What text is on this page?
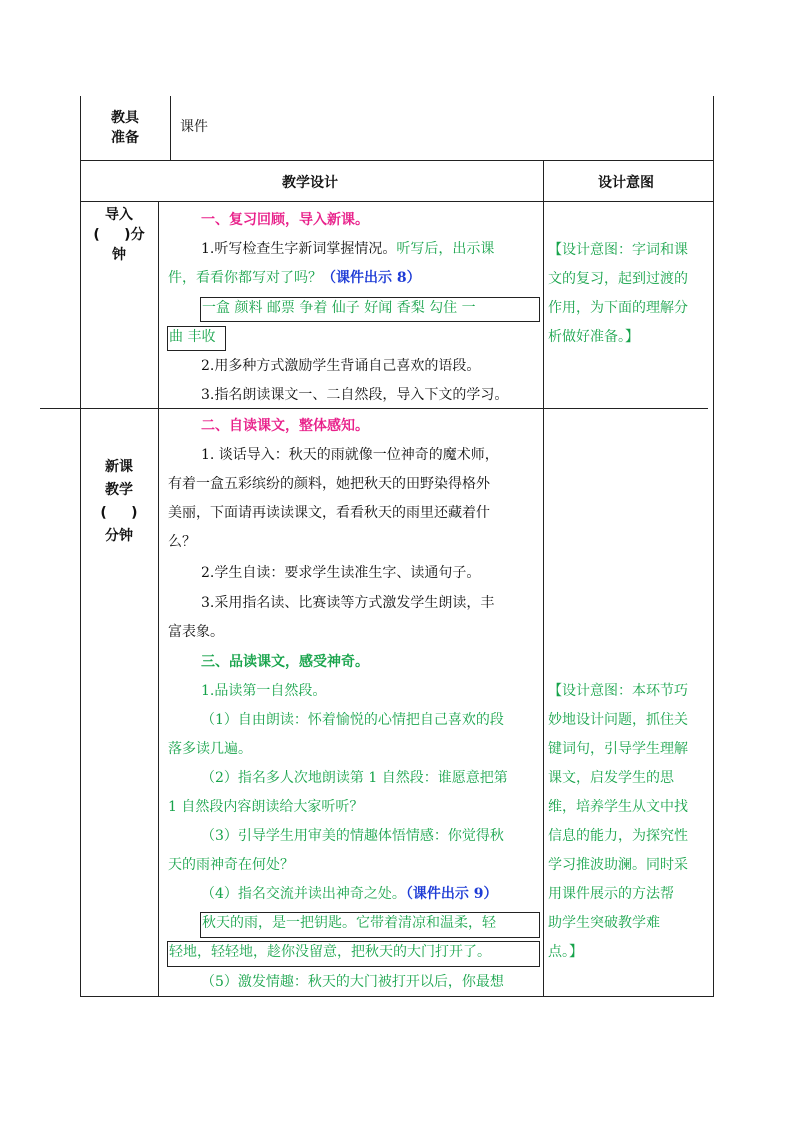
教具
准备
课件
教学设计	设计意图
导入
(     )分
钟
新课
教学
(     )
分钟
一、复习回顾，导入新课。
1.听写检查生字新词掌握情况。听写后，出示课
件，看看你都写对了吗？（课件出示 8）
一盒 颜料 邮票 争着 仙子 好闻 香梨 勾住 一
曲 丰收
2.用多种方式激励学生背诵自己喜欢的语段。
3.指名朗读课文一、二自然段，导入下文的学习。
【设计意图：字词和课
文的复习，起到过渡的
作用，为下面的理解分
析做好准备。】
二、自读课文，整体感知。
1. 谈话导入：秋天的雨就像一位神奇的魔术师，
有着一盒五彩缤纷的颜料，她把秋天的田野染得格外
美丽，下面请再读读课文，看看秋天的雨里还藏着什
么？
2.学生自读：要求学生读准生字、读通句子。
3.采用指名读、比赛读等方式激发学生朗读，丰
富表象。
三、品读课文，感受神奇。
1.品读第一自然段。
（1）自由朗读：怀着愉悦的心情把自己喜欢的段
落多读几遍。
（2）指名多人次地朗读第 1 自然段：谁愿意把第
1 自然段内容朗读给大家听听？
（3）引导学生用审美的情趣体悟情感：你觉得秋
天的雨神奇在何处？
（4）指名交流并读出神奇之处。（课件出示 9）
秋天的雨，是一把钥匙。它带着清凉和温柔，轻
轻地，轻轻地，趁你没留意，把秋天的大门打开了。
（5）激发情趣：秋天的大门被打开以后，你最想
【设计意图：本环节巧
妙地设计问题，抓住关
键词句，引导学生理解
课文，启发学生的思
维，培养学生从文中找
信息的能力，为探究性
学习推波助澜。同时采
用课件展示的方法帮
助学生突破教学难
点。】
